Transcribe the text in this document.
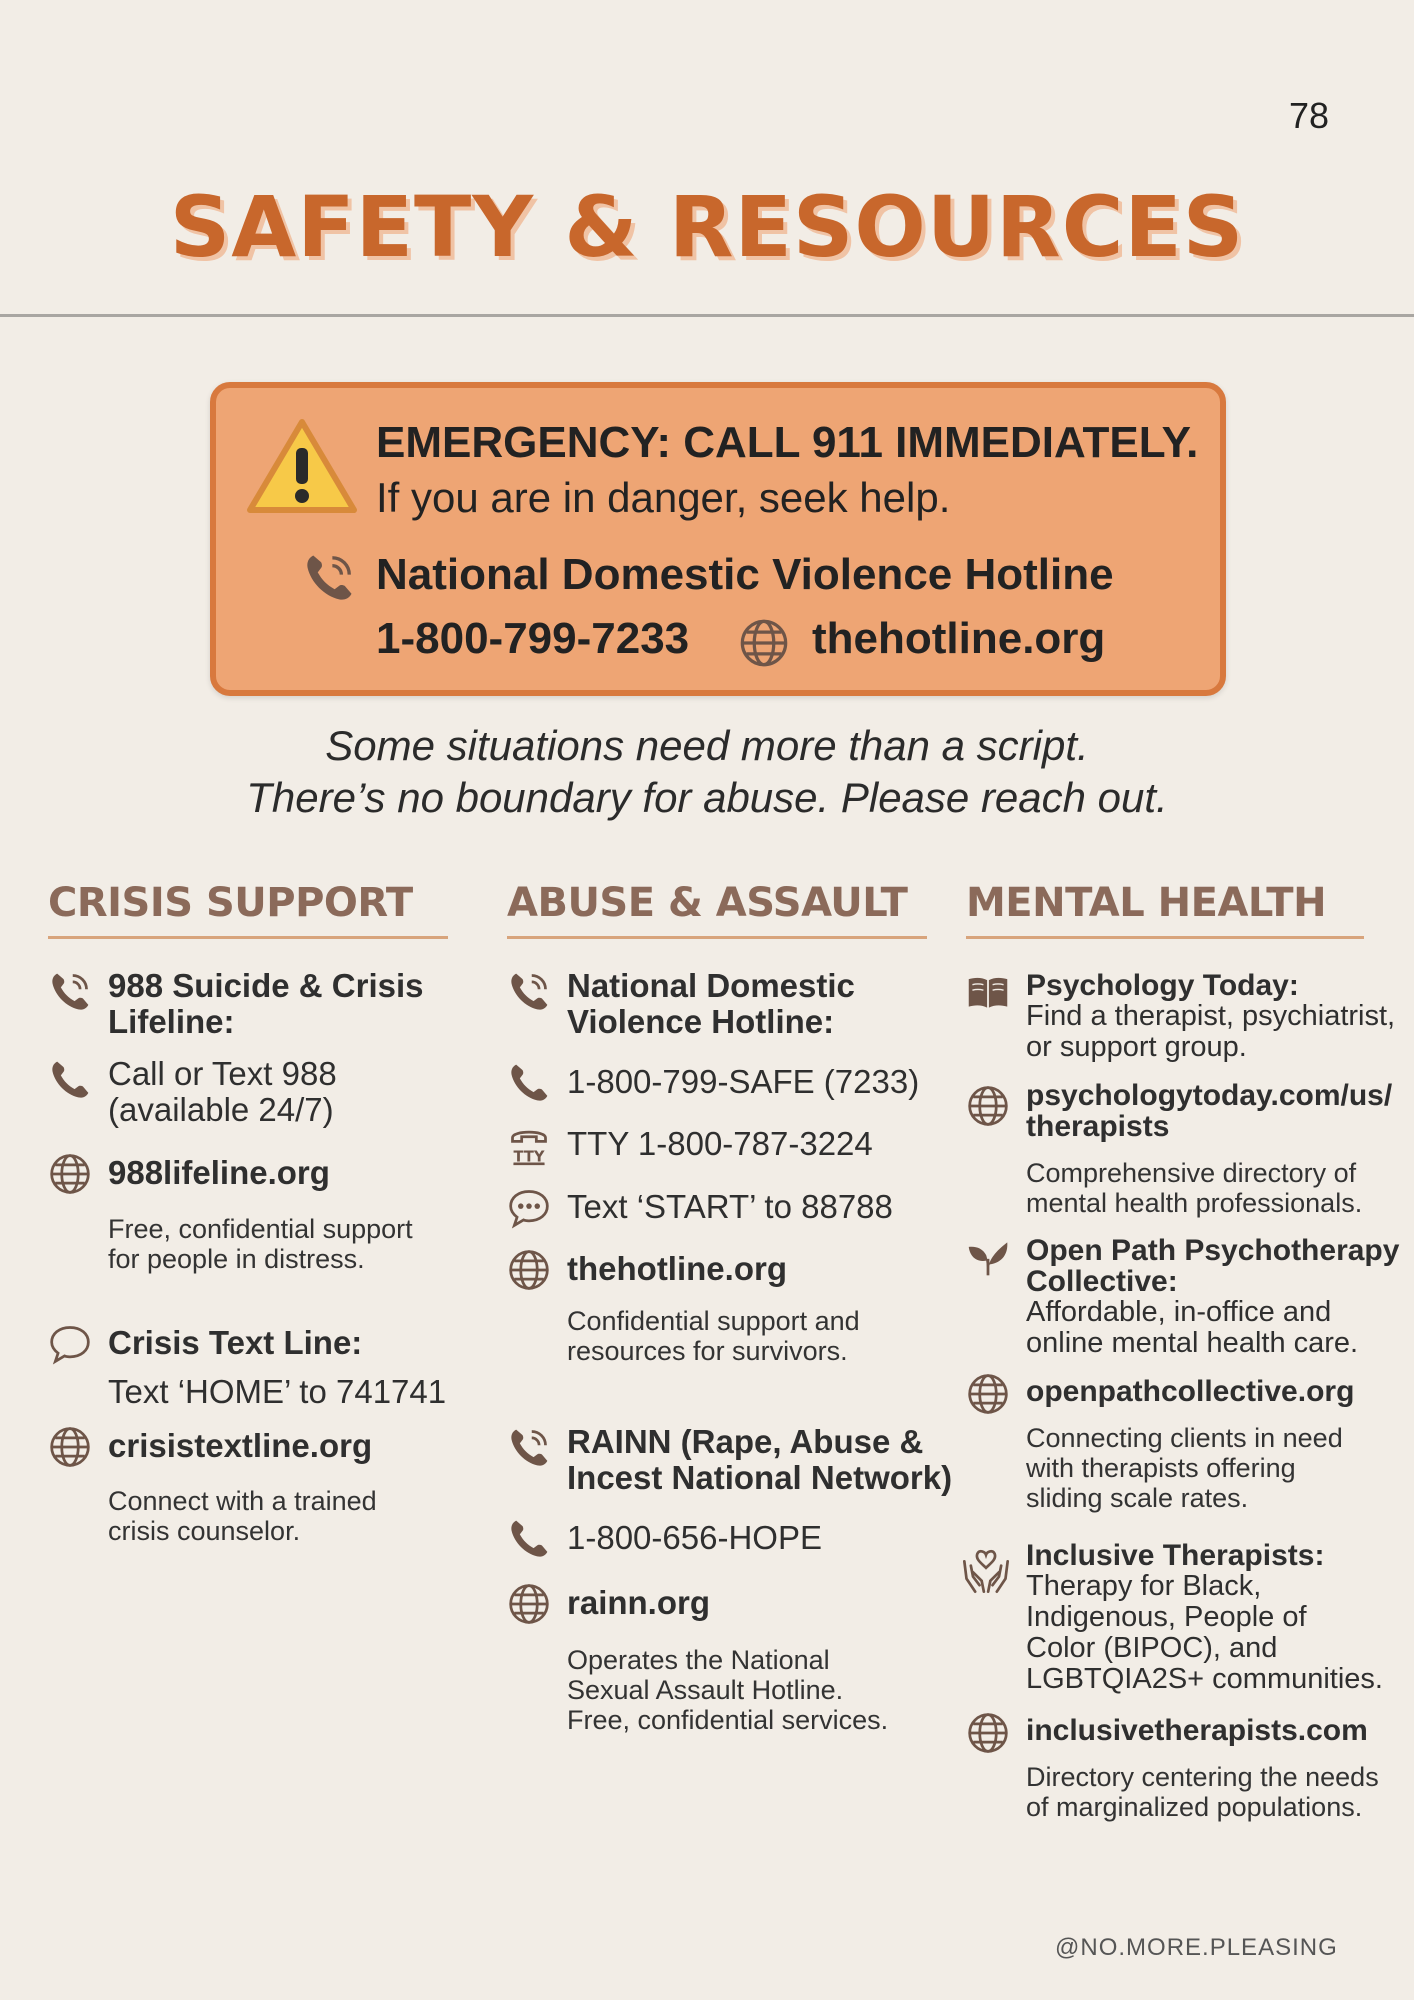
78
SAFETY & RESOURCES
EMERGENCY: CALL 911 IMMEDIATELY.
If you are in danger, seek help.
National Domestic Violence Hotline
1-800-799-7233	thehotline.org
Some situations need more than a script.
There’s no boundary for abuse. Please reach out.
CRISIS SUPPORT
988 Suicide & Crisis
Lifeline:
Call or Text 988
(available 24/7)
988lifeline.org
Free, confidential support
for people in distress.
Crisis Text Line:
Text ‘HOME’ to 741741
crisistextline.org
Connect with a trained
crisis counselor.
ABUSE & ASSAULT
National Domestic
Violence Hotline:
1-800-799-SAFE (7233)
TTY 1-800-787-3224
Text ‘START’ to 88788
thehotline.org
Confidential support and
resources for survivors.
RAINN (Rape, Abuse &
Incest National Network)
1-800-656-HOPE
rainn.org
Operates the National
Sexual Assault Hotline.
Free, confidential services.
MENTAL HEALTH
Psychology Today:
Find a therapist, psychiatrist,
or support group.
psychologytoday.com/us/
therapists
Comprehensive directory of
mental health professionals.
Open Path Psychotherapy
Collective:
Affordable, in-office and
online mental health care.
openpathcollective.org
Connecting clients in need
with therapists offering
sliding scale rates.
Inclusive Therapists:
Therapy for Black,
Indigenous, People of
Color (BIPOC), and
LGBTQIA2S+ communities.
inclusivetherapists.com
Directory centering the needs
of marginalized populations.
@NO.MORE.PLEASING
